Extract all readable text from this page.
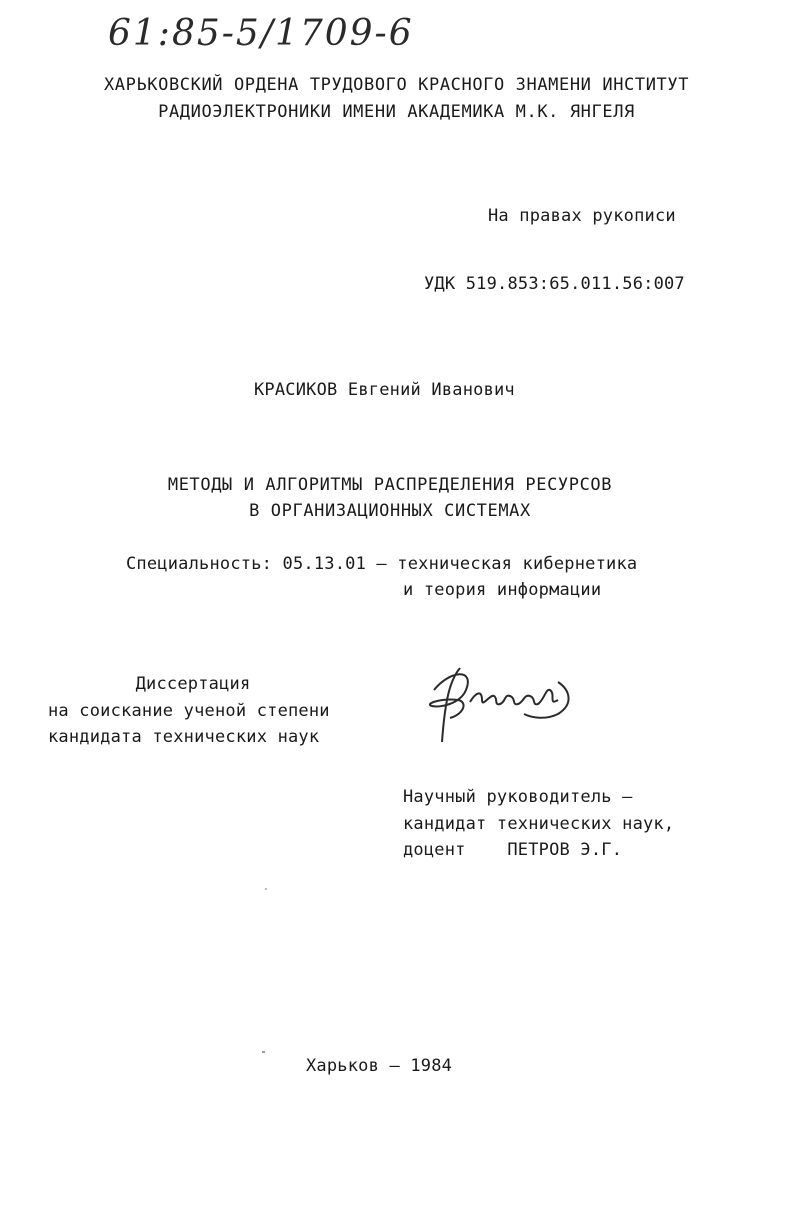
61:85-5/1709-6
ХАРЬКОВСКИЙ ОРДЕНА ТРУДОВОГО КРАСНОГО ЗНАМЕНИ ИНСТИТУТ
РАДИОЭЛЕКТРОНИКИ ИМЕНИ АКАДЕМИКА М.К. ЯНГЕЛЯ
На правах рукописи
УДК 519.853:65.011.56:007
КРАСИКОВ Евгений Иванович
МЕТОДЫ И АЛГОРИТМЫ РАСПРЕДЕЛЕНИЯ РЕСУРСОВ
В ОРГАНИЗАЦИОННЫХ СИСТЕМАХ
Специальность: 05.13.01 – техническая кибернетика
и теория информации
Диссертация
на соискание ученой степени
кандидата технических наук
Научный руководитель –
кандидат технических наук,
доцент    ПЕТРОВ Э.Г.
Харьков – 1984
